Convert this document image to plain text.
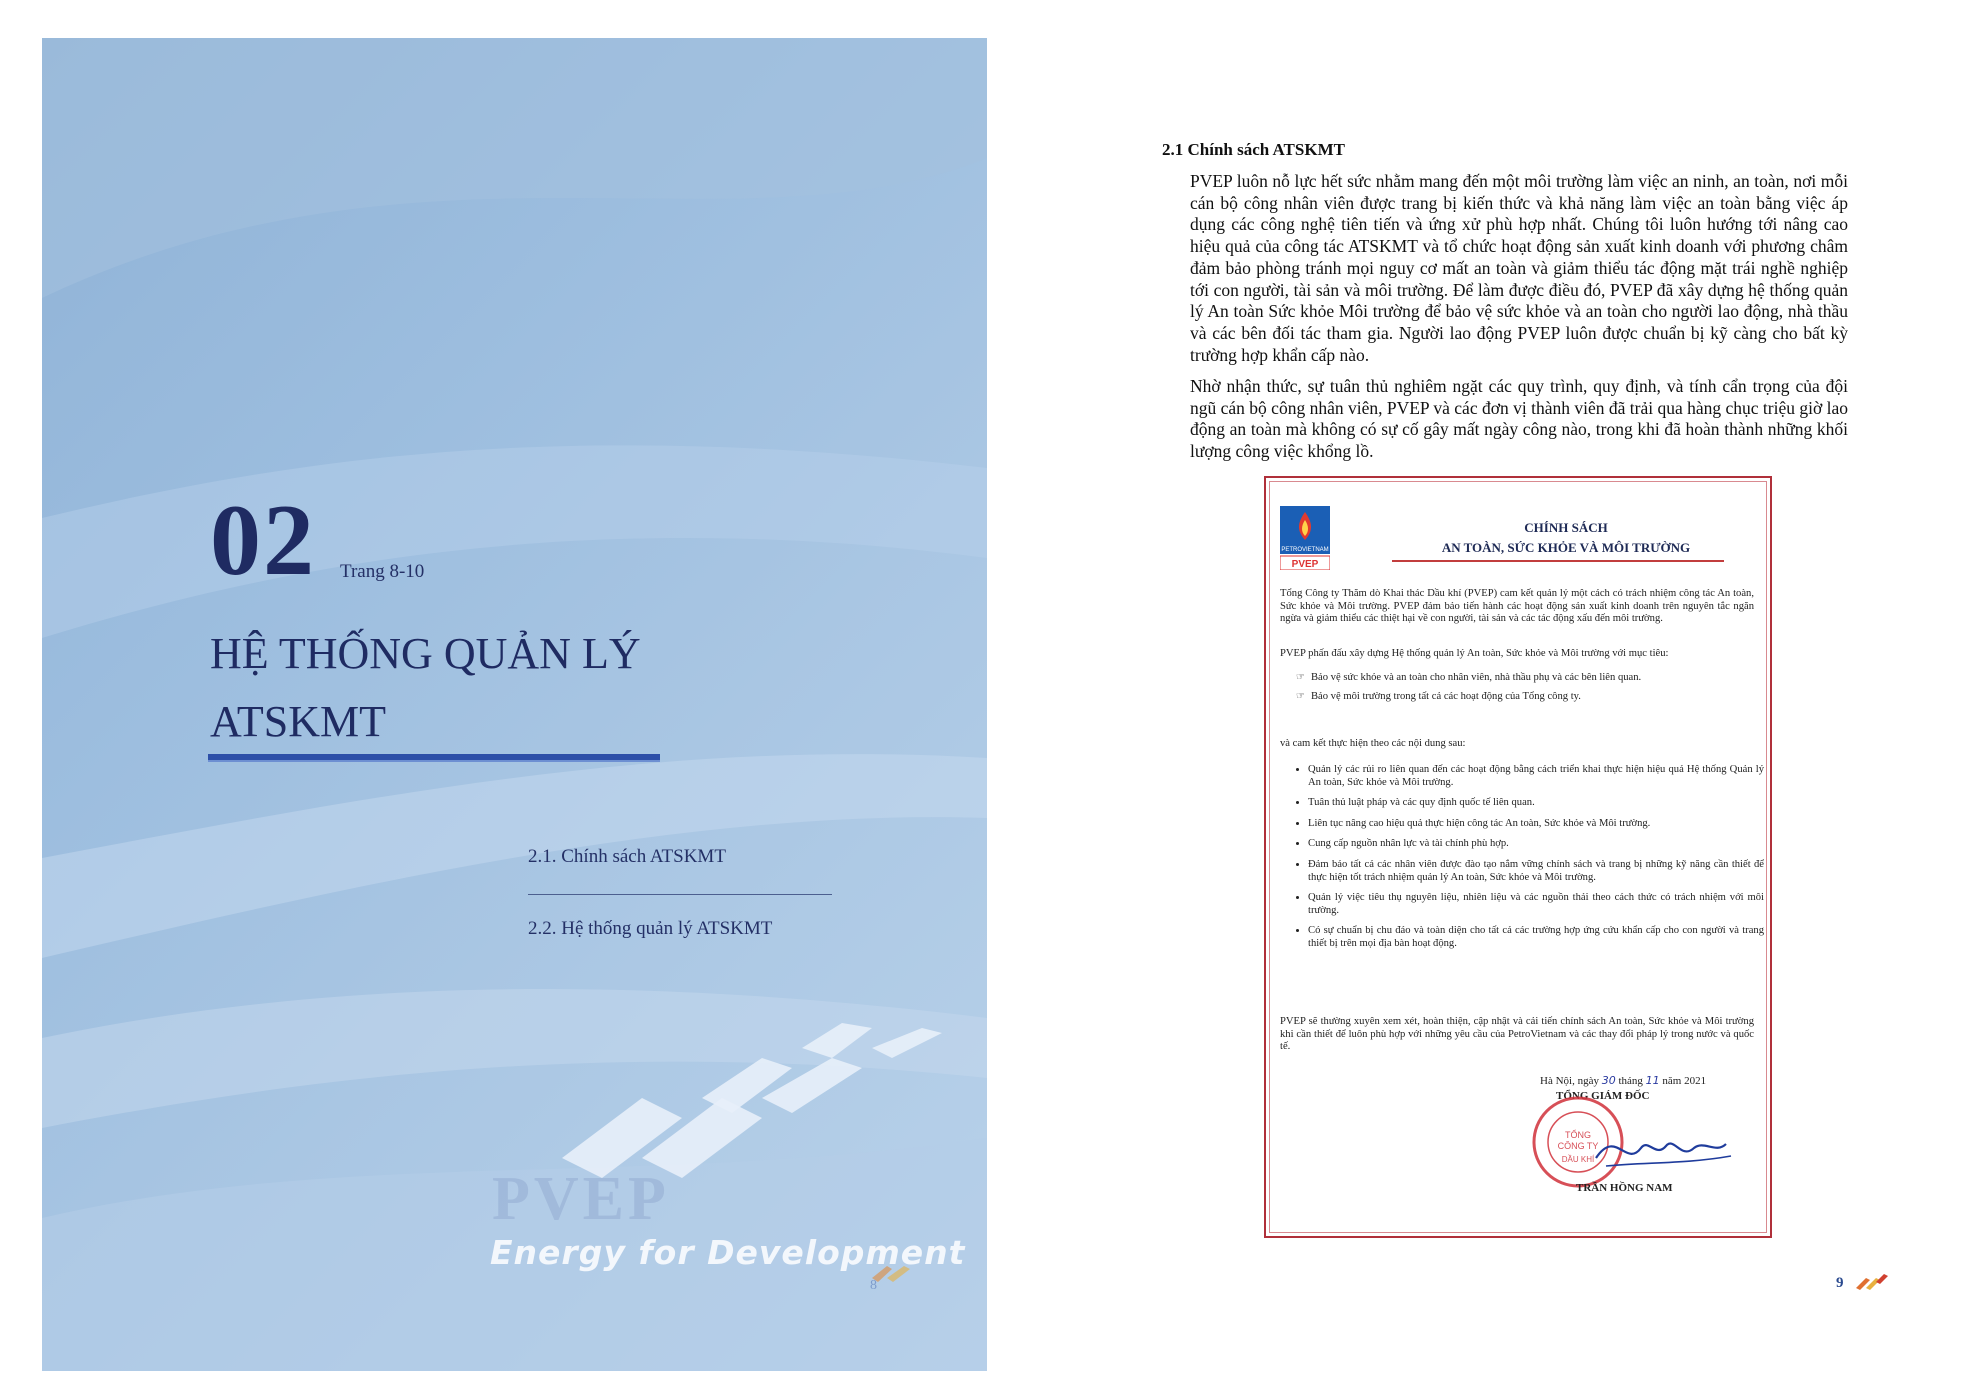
PVEP
02 Trang 8-10
HỆ THỐNG QUẢN LÝ
ATSKMT
2.1. Chính sách ATSKMT
2.2. Hệ thống quản lý ATSKMT
Energy for Development
8
2.1 Chính sách ATSKMT

PVEP luôn nỗ lực hết sức nhằm mang đến một môi trường làm việc an ninh, an toàn, nơi mỗi cán bộ công nhân viên được trang bị kiến thức và khả năng làm việc an toàn bằng việc áp dụng các công nghệ tiên tiến và ứng xử phù hợp nhất. Chúng tôi luôn hướng tới nâng cao hiệu quả của công tác ATSKMT và tổ chức hoạt động sản xuất kinh doanh với phương châm đảm bảo phòng tránh mọi nguy cơ mất an toàn và giảm thiểu tác động mặt trái nghề nghiệp tới con người, tài sản và môi trường. Để làm được điều đó, PVEP đã xây dựng hệ thống quản lý An toàn Sức khỏe Môi trường để bảo vệ sức khỏe và an toàn cho người lao động, nhà thầu và các bên đối tác tham gia. Người lao động PVEP luôn được chuẩn bị kỹ càng cho bất kỳ trường hợp khẩn cấp nào.

Nhờ nhận thức, sự tuân thủ nghiêm ngặt các quy trình, quy định, và tính cẩn trọng của đội ngũ cán bộ công nhân viên, PVEP và các đơn vị thành viên đã trải qua hàng chục triệu giờ lao động an toàn mà không có sự cố gây mất ngày công nào, trong khi đã hoàn thành những khối lượng công việc khổng lồ.

PETROVIETNAM
PVEP
CHÍNH SÁCH
AN TOÀN, SỨC KHỎE VÀ MÔI TRƯỜNG

Tổng Công ty Thăm dò Khai thác Dầu khí (PVEP) cam kết quản lý một cách có trách nhiệm công tác An toàn, Sức khỏe và Môi trường. PVEP đảm bảo tiến hành các hoạt động sản xuất kinh doanh trên nguyên tắc ngăn ngừa và giảm thiểu các thiệt hại về con người, tài sản và các tác động xấu đến môi trường.

PVEP phấn đấu xây dựng Hệ thống quản lý An toàn, Sức khỏe và Môi trường với mục tiêu:

☞ Bảo vệ sức khỏe và an toàn cho nhân viên, nhà thầu phụ và các bên liên quan.
☞ Bảo vệ môi trường trong tất cả các hoạt động của Tổng công ty.

và cam kết thực hiện theo các nội dung sau:

• Quản lý các rủi ro liên quan đến các hoạt động bằng cách triển khai thực hiện hiệu quả Hệ thống Quản lý An toàn, Sức khỏe và Môi trường.
• Tuân thủ luật pháp và các quy định quốc tế liên quan.
• Liên tục nâng cao hiệu quả thực hiện công tác An toàn, Sức khỏe và Môi trường.
• Cung cấp nguồn nhân lực và tài chính phù hợp.
• Đảm bảo tất cả các nhân viên được đào tạo nắm vững chính sách và trang bị những kỹ năng cần thiết để thực hiện tốt trách nhiệm quản lý An toàn, Sức khỏe và Môi trường.
• Quản lý việc tiêu thụ nguyên liệu, nhiên liệu và các nguồn thải theo cách thức có trách nhiệm với môi trường.
• Có sự chuẩn bị chu đáo và toàn diện cho tất cả các trường hợp ứng cứu khẩn cấp cho con người và trang thiết bị trên mọi địa bàn hoạt động.

PVEP sẽ thường xuyên xem xét, hoàn thiện, cập nhật và cải tiến chính sách An toàn, Sức khỏe và Môi trường khi cần thiết để luôn phù hợp với những yêu cầu của PetroVietnam và các thay đổi pháp lý trong nước và quốc tế.

Hà Nội, ngày 30 tháng 11 năm 2021
TỔNG GIÁM ĐỐC
TỔNG
CÔNG TY
DẦU KHÍ
TRẦN HỒNG NAM
9
